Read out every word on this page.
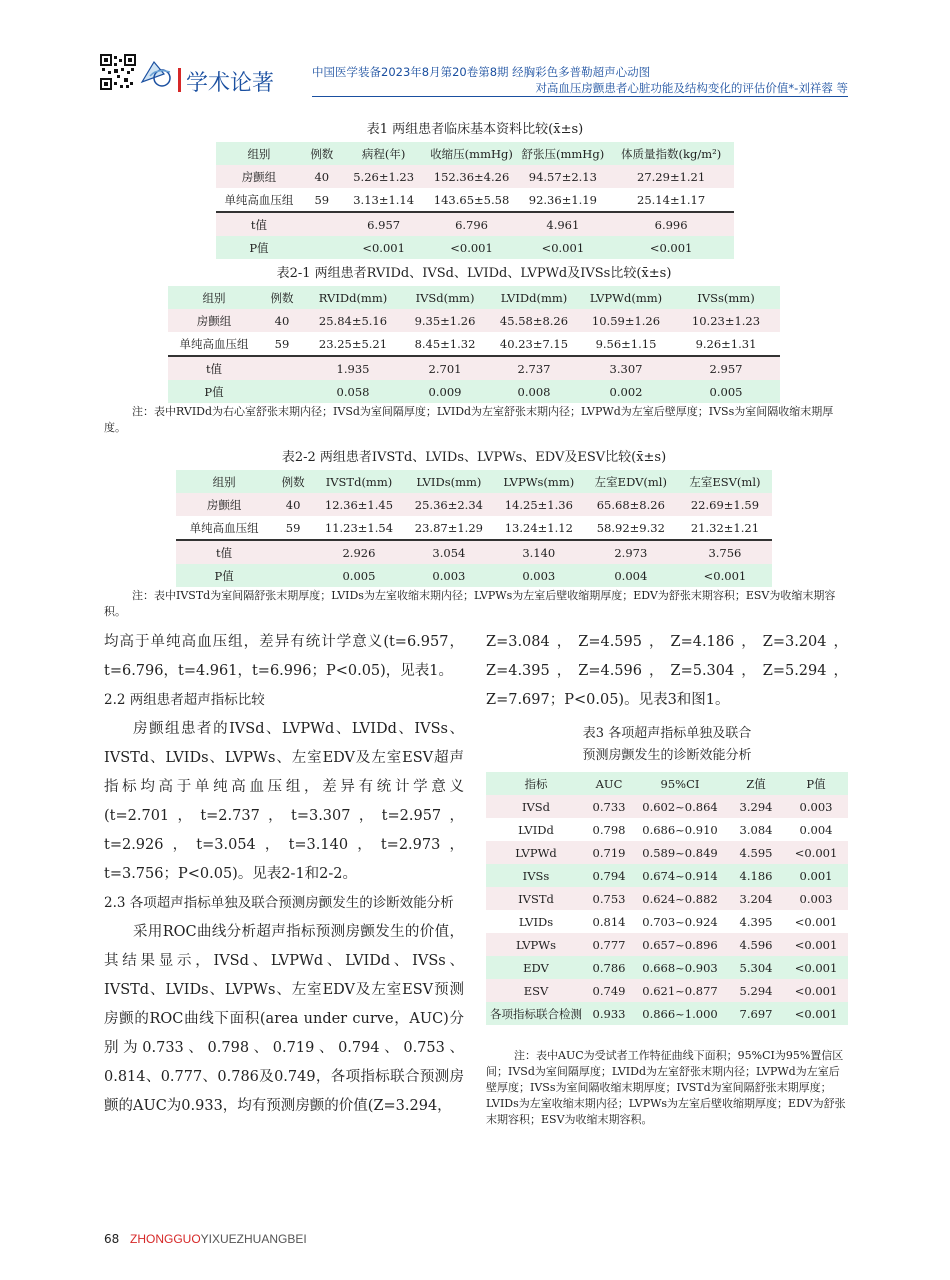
学术论著	中国医学装备2023年8月第20卷第8期 经胸彩色多普勒超声心动图
对高血压房颤患者心脏功能及结构变化的评估价值*-刘祥蓉 等
表1 两组患者临床基本资料比较(x̄±s)
组别	例数	病程(年)	收缩压(mmHg)	舒张压(mmHg)	体质量指数(kg/m²)
房颤组	40	5.26±1.23	152.36±4.26	94.57±2.13	27.29±1.21
单纯高血压组	59	3.13±1.14	143.65±5.58	92.36±1.19	25.14±1.17
t值		6.957	6.796	4.961	6.996
P值		<0.001	<0.001	<0.001	<0.001
表2-1 两组患者RVIDd、IVSd、LVIDd、LVPWd及IVSs比较(x̄±s)
组别	例数	RVIDd(mm)	IVSd(mm)	LVIDd(mm)	LVPWd(mm)	IVSs(mm)
房颤组	40	25.84±5.16	9.35±1.26	45.58±8.26	10.59±1.26	10.23±1.23
单纯高血压组	59	23.25±5.21	8.45±1.32	40.23±7.15	9.56±1.15	9.26±1.31
t值		1.935	2.701	2.737	3.307	2.957
P值		0.058	0.009	0.008	0.002	0.005
注：表中RVIDd为右心室舒张末期内径；IVSd为室间隔厚度；LVIDd为左室舒张末期内径；LVPWd为左室后壁厚度；IVSs为室间隔收缩末期厚度。
表2-2 两组患者IVSTd、LVIDs、LVPWs、EDV及ESV比较(x̄±s)
组别	例数	IVSTd(mm)	LVIDs(mm)	LVPWs(mm)	左室EDV(ml)	左室ESV(ml)
房颤组	40	12.36±1.45	25.36±2.34	14.25±1.36	65.68±8.26	22.69±1.59
单纯高血压组	59	11.23±1.54	23.87±1.29	13.24±1.12	58.92±9.32	21.32±1.21
t值		2.926	3.054	3.140	2.973	3.756
P值		0.005	0.003	0.003	0.004	<0.001
注：表中IVSTd为室间隔舒张末期厚度；LVIDs为左室收缩末期内径；LVPWs为左室后壁收缩期厚度；EDV为舒张末期容积；ESV为收缩末期容积。
均高于单纯高血压组，差异有统计学意义(t=6.957，t=6.796，t=4.961，t=6.996；P<0.05)，见表1。
2.2 两组患者超声指标比较
房颤组患者的IVSd、LVPWd、LVIDd、IVSs、IVSTd、LVIDs、LVPWs、左室EDV及左室ESV超声指标均高于单纯高血压组，差异有统计学意义(t=2.701，t=2.737，t=3.307，t=2.957，t=2.926，t=3.054，t=3.140，t=2.973，t=3.756；P<0.05)。见表2-1和2-2。
2.3 各项超声指标单独及联合预测房颤发生的诊断效能分析
采用ROC曲线分析超声指标预测房颤发生的价值，其结果显示，IVSd、LVPWd、LVIDd、IVSs、IVSTd、LVIDs、LVPWs、左室EDV及左室ESV预测房颤的ROC曲线下面积(area under curve，AUC)分别为0.733、0.798、0.719、0.794、0.753、0.814、0.777、0.786及0.749，各项指标联合预测房颤的AUC为0.933，均有预测房颤的价值(Z=3.294，
Z=3.084，Z=4.595，Z=4.186，Z=3.204，Z=4.395，Z=4.596，Z=5.304，Z=5.294，Z=7.697；P<0.05)。见表3和图1。
表3 各项超声指标单独及联合
预测房颤发生的诊断效能分析
指标	AUC	95%CI	Z值	P值
IVSd	0.733	0.602~0.864	3.294	0.003
LVIDd	0.798	0.686~0.910	3.084	0.004
LVPWd	0.719	0.589~0.849	4.595	<0.001
IVSs	0.794	0.674~0.914	4.186	0.001
IVSTd	0.753	0.624~0.882	3.204	0.003
LVIDs	0.814	0.703~0.924	4.395	<0.001
LVPWs	0.777	0.657~0.896	4.596	<0.001
EDV	0.786	0.668~0.903	5.304	<0.001
ESV	0.749	0.621~0.877	5.294	<0.001
各项指标联合检测	0.933	0.866~1.000	7.697	<0.001
注：表中AUC为受试者工作特征曲线下面积；95%CI为95%置信区间；IVSd为室间隔厚度；LVIDd为左室舒张末期内径；LVPWd为左室后壁厚度；IVSs为室间隔收缩末期厚度；IVSTd为室间隔舒张末期厚度；LVIDs为左室收缩末期内径；LVPWs为左室后壁收缩期厚度；EDV为舒张末期容积；ESV为收缩末期容积。
68 ZHONGGUOYIXUEZHUANGBEI
